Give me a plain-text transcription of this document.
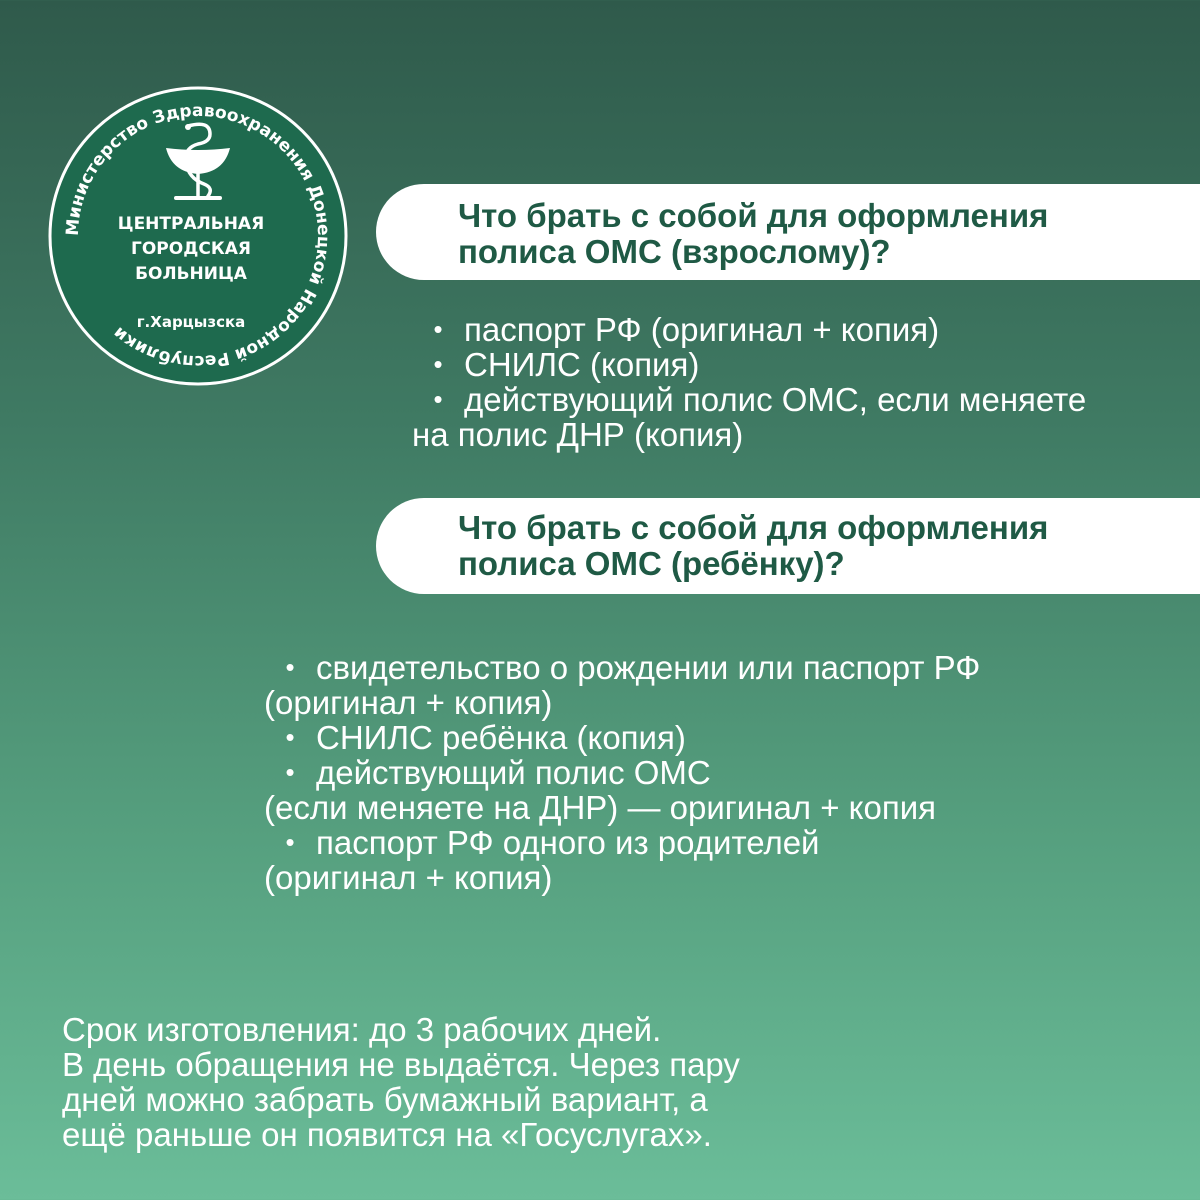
Министерство Здравоохранения Донецкой Народной Республики
ЦЕНТРАЛЬНАЯ
ГОРОДСКАЯ
БОЛЬНИЦА
г.Харцызска
Что брать с собой для оформления
полиса ОМС (взрослому)?
• паспорт РФ (оригинал + копия)
• СНИЛС (копия)
• действующий полис ОМС, если меняете
на полис ДНР (копия)
Что брать с собой для оформления
полиса ОМС (ребёнку)?
• свидетельство о рождении или паспорт РФ
(оригинал + копия)
• СНИЛС ребёнка (копия)
• действующий полис ОМС
(если меняете на ДНР) — оригинал + копия
• паспорт РФ одного из родителей
(оригинал + копия)
Срок изготовления: до 3 рабочих дней.
В день обращения не выдаётся. Через пару
дней можно забрать бумажный вариант, а
ещё раньше он появится на «Госуслугах».
